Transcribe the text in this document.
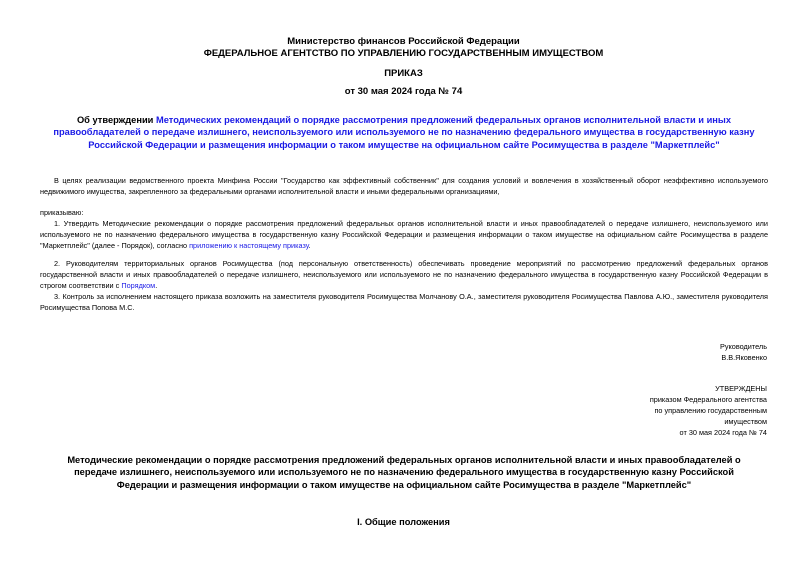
Министерство финансов Российской Федерации
ФЕДЕРАЛЬНОЕ АГЕНТСТВО ПО УПРАВЛЕНИЮ ГОСУДАРСТВЕННЫМ ИМУЩЕСТВОМ
ПРИКАЗ
от 30 мая 2024 года № 74
Об утверждении Методических рекомендаций о порядке рассмотрения предложений федеральных органов исполнительной власти и иных правообладателей о передаче излишнего, неиспользуемого или используемого не по назначению федерального имущества в государственную казну Российской Федерации и размещения информации о таком имуществе на официальном сайте Росимущества в разделе "Маркетплейс"
В целях реализации ведомственного проекта Минфина России "Государство как эффективный собственник" для создания условий и вовлечения в хозяйственный оборот неэффективно используемого недвижимого имущества, закрепленного за федеральными органами исполнительной власти и иными федеральными организациями,
приказываю:
1. Утвердить Методические рекомендации о порядке рассмотрения предложений федеральных органов исполнительной власти и иных правообладателей о передаче излишнего, неиспользуемого или используемого не по назначению федерального имущества в государственную казну Российской Федерации и размещения информации о таком имуществе на официальном сайте Росимущества в разделе "Маркетплейс" (далее - Порядок), согласно приложению к настоящему приказу.
2. Руководителям территориальных органов Росимущества (под персональную ответственность) обеспечивать проведение мероприятий по рассмотрению предложений федеральных органов государственной власти и иных правообладателей о передаче излишнего, неиспользуемого или используемого не по назначению федерального имущества в государственную казну Российской Федерации в строгом соответствии с Порядком.
3. Контроль за исполнением настоящего приказа возложить на заместителя руководителя Росимущества Молчанову О.А., заместителя руководителя Росимущества Павлова А.Ю., заместителя руководителя Росимущества Попова М.С.
Руководитель
В.В.Яковенко
УТВЕРЖДЕНЫ
приказом Федерального агентства
по управлению государственным
имуществом
от 30 мая 2024 года № 74
Методические рекомендации о порядке рассмотрения предложений федеральных органов исполнительной власти и иных правообладателей о передаче излишнего, неиспользуемого или используемого не по назначению федерального имущества в государственную казну Российской Федерации и размещения информации о таком имуществе на официальном сайте Росимущества в разделе "Маркетплейс"
I. Общие положения
